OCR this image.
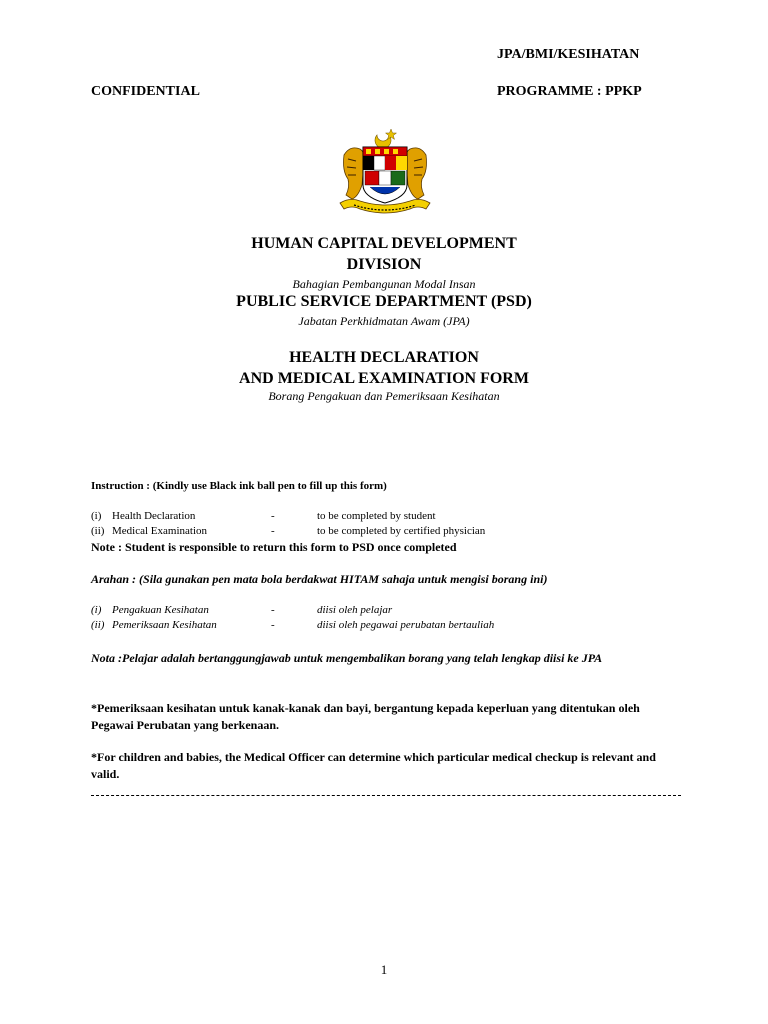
JPA/BMI/KESIHATAN
CONFIDENTIAL	PROGRAMME : PPKP
HUMAN CAPITAL DEVELOPMENT
DIVISION
Bahagian Pembangunan Modal Insan
PUBLIC SERVICE DEPARTMENT (PSD)
Jabatan Perkhidmatan Awam (JPA)
HEALTH DECLARATION
AND MEDICAL EXAMINATION FORM
Borang Pengakuan dan Pemeriksaan Kesihatan
Instruction : (Kindly use Black ink ball pen to fill up this form)
(i) Health Declaration	-	to be completed by student
(ii) Medical Examination	-	to be completed by certified physician
Note : Student is responsible to return this form to PSD once completed
Arahan : (Sila gunakan pen mata bola berdakwat HITAM sahaja untuk mengisi borang ini)
(i) Pengakuan Kesihatan	-	diisi oleh pelajar
(ii) Pemeriksaan Kesihatan	-	diisi oleh pegawai perubatan bertauliah
Nota :Pelajar adalah bertanggungjawab untuk mengembalikan borang yang telah lengkap diisi ke JPA
*Pemeriksaan kesihatan untuk kanak-kanak dan bayi, bergantung kepada keperluan yang ditentukan oleh Pegawai Perubatan yang berkenaan.
*For children and babies, the Medical Officer can determine which particular medical checkup is relevant and valid.
1
